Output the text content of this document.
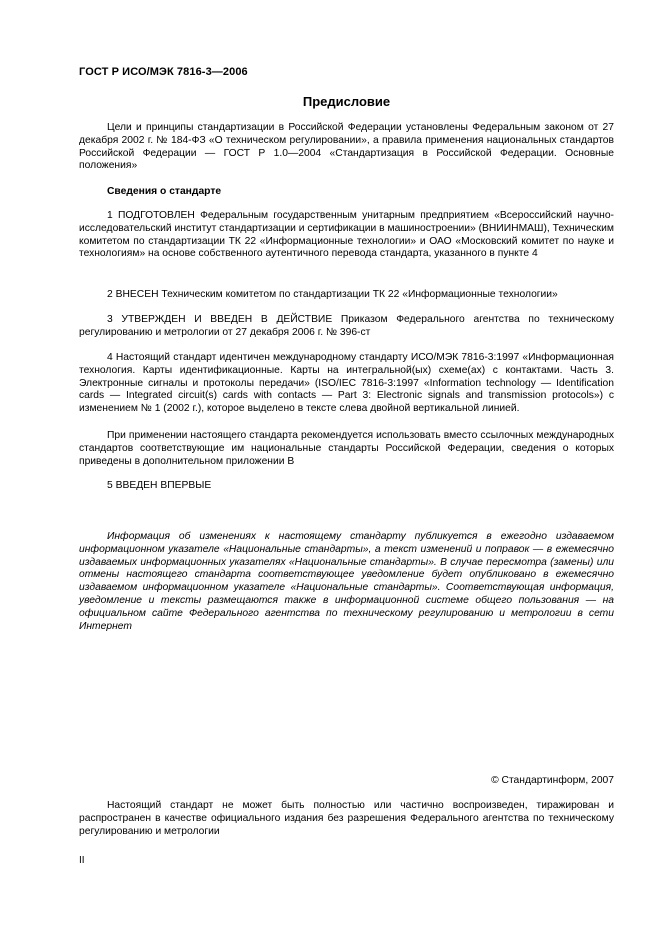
ГОСТ Р ИСО/МЭК 7816-3—2006
Предисловие
Цели и принципы стандартизации в Российской Федерации установлены Федеральным законом от 27 декабря 2002 г. № 184-ФЗ «О техническом регулировании», а правила применения национальных стандартов Российской Федерации — ГОСТ Р 1.0—2004 «Стандартизация в Российской Федерации. Основные положения»
Сведения о стандарте
1 ПОДГОТОВЛЕН Федеральным государственным унитарным предприятием «Всероссийский научно-исследовательский институт стандартизации и сертификации в машиностроении» (ВНИИНМАШ), Техническим комитетом по стандартизации ТК 22 «Информационные технологии» и ОАО «Московский комитет по науке и технологиям» на основе собственного аутентичного перевода стандарта, указанного в пункте 4
2 ВНЕСЕН Техническим комитетом по стандартизации ТК 22 «Информационные технологии»
3 УТВЕРЖДЕН И ВВЕДЕН В ДЕЙСТВИЕ Приказом Федерального агентства по техническому регулированию и метрологии от 27 декабря 2006 г. № 396-ст
4 Настоящий стандарт идентичен международному стандарту ИСО/МЭК 7816-3:1997 «Информационная технология. Карты идентификационные. Карты на интегральной(ых) схеме(ах) с контактами. Часть 3. Электронные сигналы и протоколы передачи» (ISO/IEC 7816-3:1997 «Information technology — Identification cards — Integrated circuit(s) cards with contacts — Part 3: Electronic signals and transmission protocols») с изменением № 1 (2002 г.), которое выделено в тексте слева двойной вертикальной линией.
При применении настоящего стандарта рекомендуется использовать вместо ссылочных международных стандартов соответствующие им национальные стандарты Российской Федерации, сведения о которых приведены в дополнительном приложении В
5 ВВЕДЕН ВПЕРВЫЕ
Информация об изменениях к настоящему стандарту публикуется в ежегодно издаваемом информационном указателе «Национальные стандарты», а текст изменений и поправок — в ежемесячно издаваемых информационных указателях «Национальные стандарты». В случае пересмотра (замены) или отмены настоящего стандарта соответствующее уведомление будет опубликовано в ежемесячно издаваемом информационном указателе «Национальные стандарты». Соответствующая информация, уведомление и тексты размещаются также в информационной системе общего пользования — на официальном сайте Федерального агентства по техническому регулированию и метрологии в сети Интернет
© Стандартинформ, 2007
Настоящий стандарт не может быть полностью или частично воспроизведен, тиражирован и распространен в качестве официального издания без разрешения Федерального агентства по техническому регулированию и метрологии
II
